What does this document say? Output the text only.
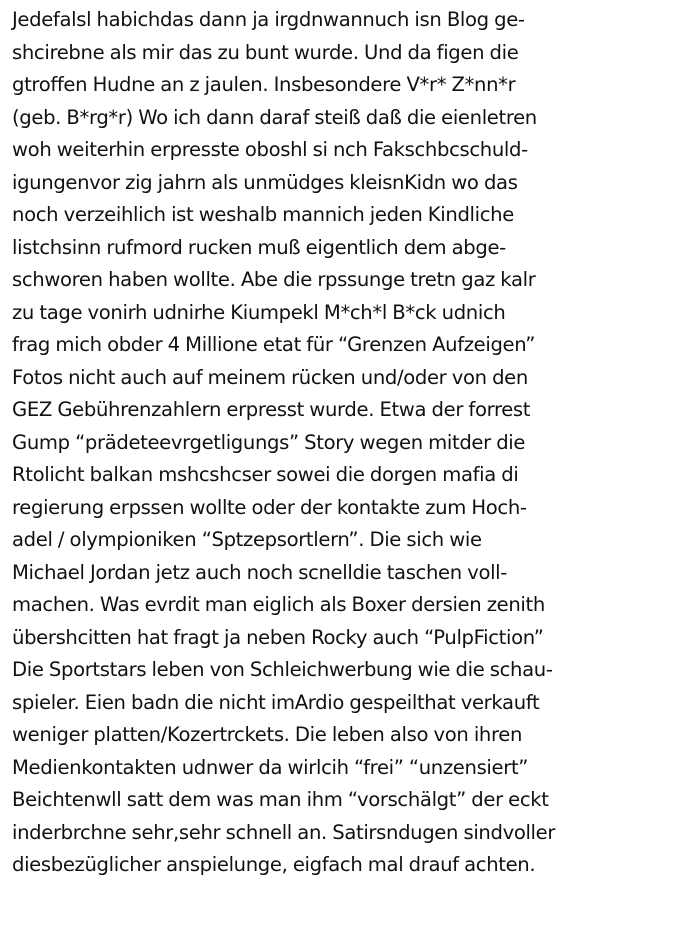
Jedefalsl habichdas dann ja irgdnwannuch isn Blog ge-
shcirebne als mir das zu bunt wurde. Und da figen die
gtroffen Hudne an z jaulen. Insbesondere V*r* Z*nn*r
(geb. B*rg*r) Wo ich dann daraf steiß daß die eienletren
woh weiterhin erpresste oboshl si nch Fakschbcschuld-
igungenvor zig jahrn als unmüdges kleisnKidn wo das
noch verzeihlich ist weshalb mannich jeden Kindliche
listchsinn rufmord rucken muß eigentlich dem abge-
schworen haben wollte. Abe die rpssunge tretn gaz kalr
zu tage vonirh udnirhe Kiumpekl M*ch*l B*ck udnich
frag mich obder 4 Millione etat für “Grenzen Aufzeigen”
Fotos nicht auch auf meinem rücken und/oder von den
GEZ Gebührenzahlern erpresst wurde. Etwa der forrest
Gump “prädeteevrgetligungs” Story wegen mitder die
Rtolicht balkan mshcshcser sowei die dorgen mafia di
regierung erpssen wollte oder der kontakte zum Hoch-
adel / olympioniken “Sptzepsortlern”. Die sich wie
Michael Jordan jetz auch noch scnelldie taschen voll-
machen. Was evrdit man eiglich als Boxer dersien zenith
übershcitten hat fragt ja neben Rocky auch “PulpFiction”
Die Sportstars leben von Schleichwerbung wie die schau-
spieler. Eien badn die nicht imArdio gespeilthat verkauft
weniger platten/Kozertrckets. Die leben also von ihren
Medienkontakten udnwer da wirlcih “frei” “unzensiert”
Beichtenwll satt dem was man ihm “vorschälgt” der eckt
inderbrchne sehr,sehr schnell an. Satirsndugen sindvoller
diesbezüglicher anspielunge, eigfach mal drauf achten.
